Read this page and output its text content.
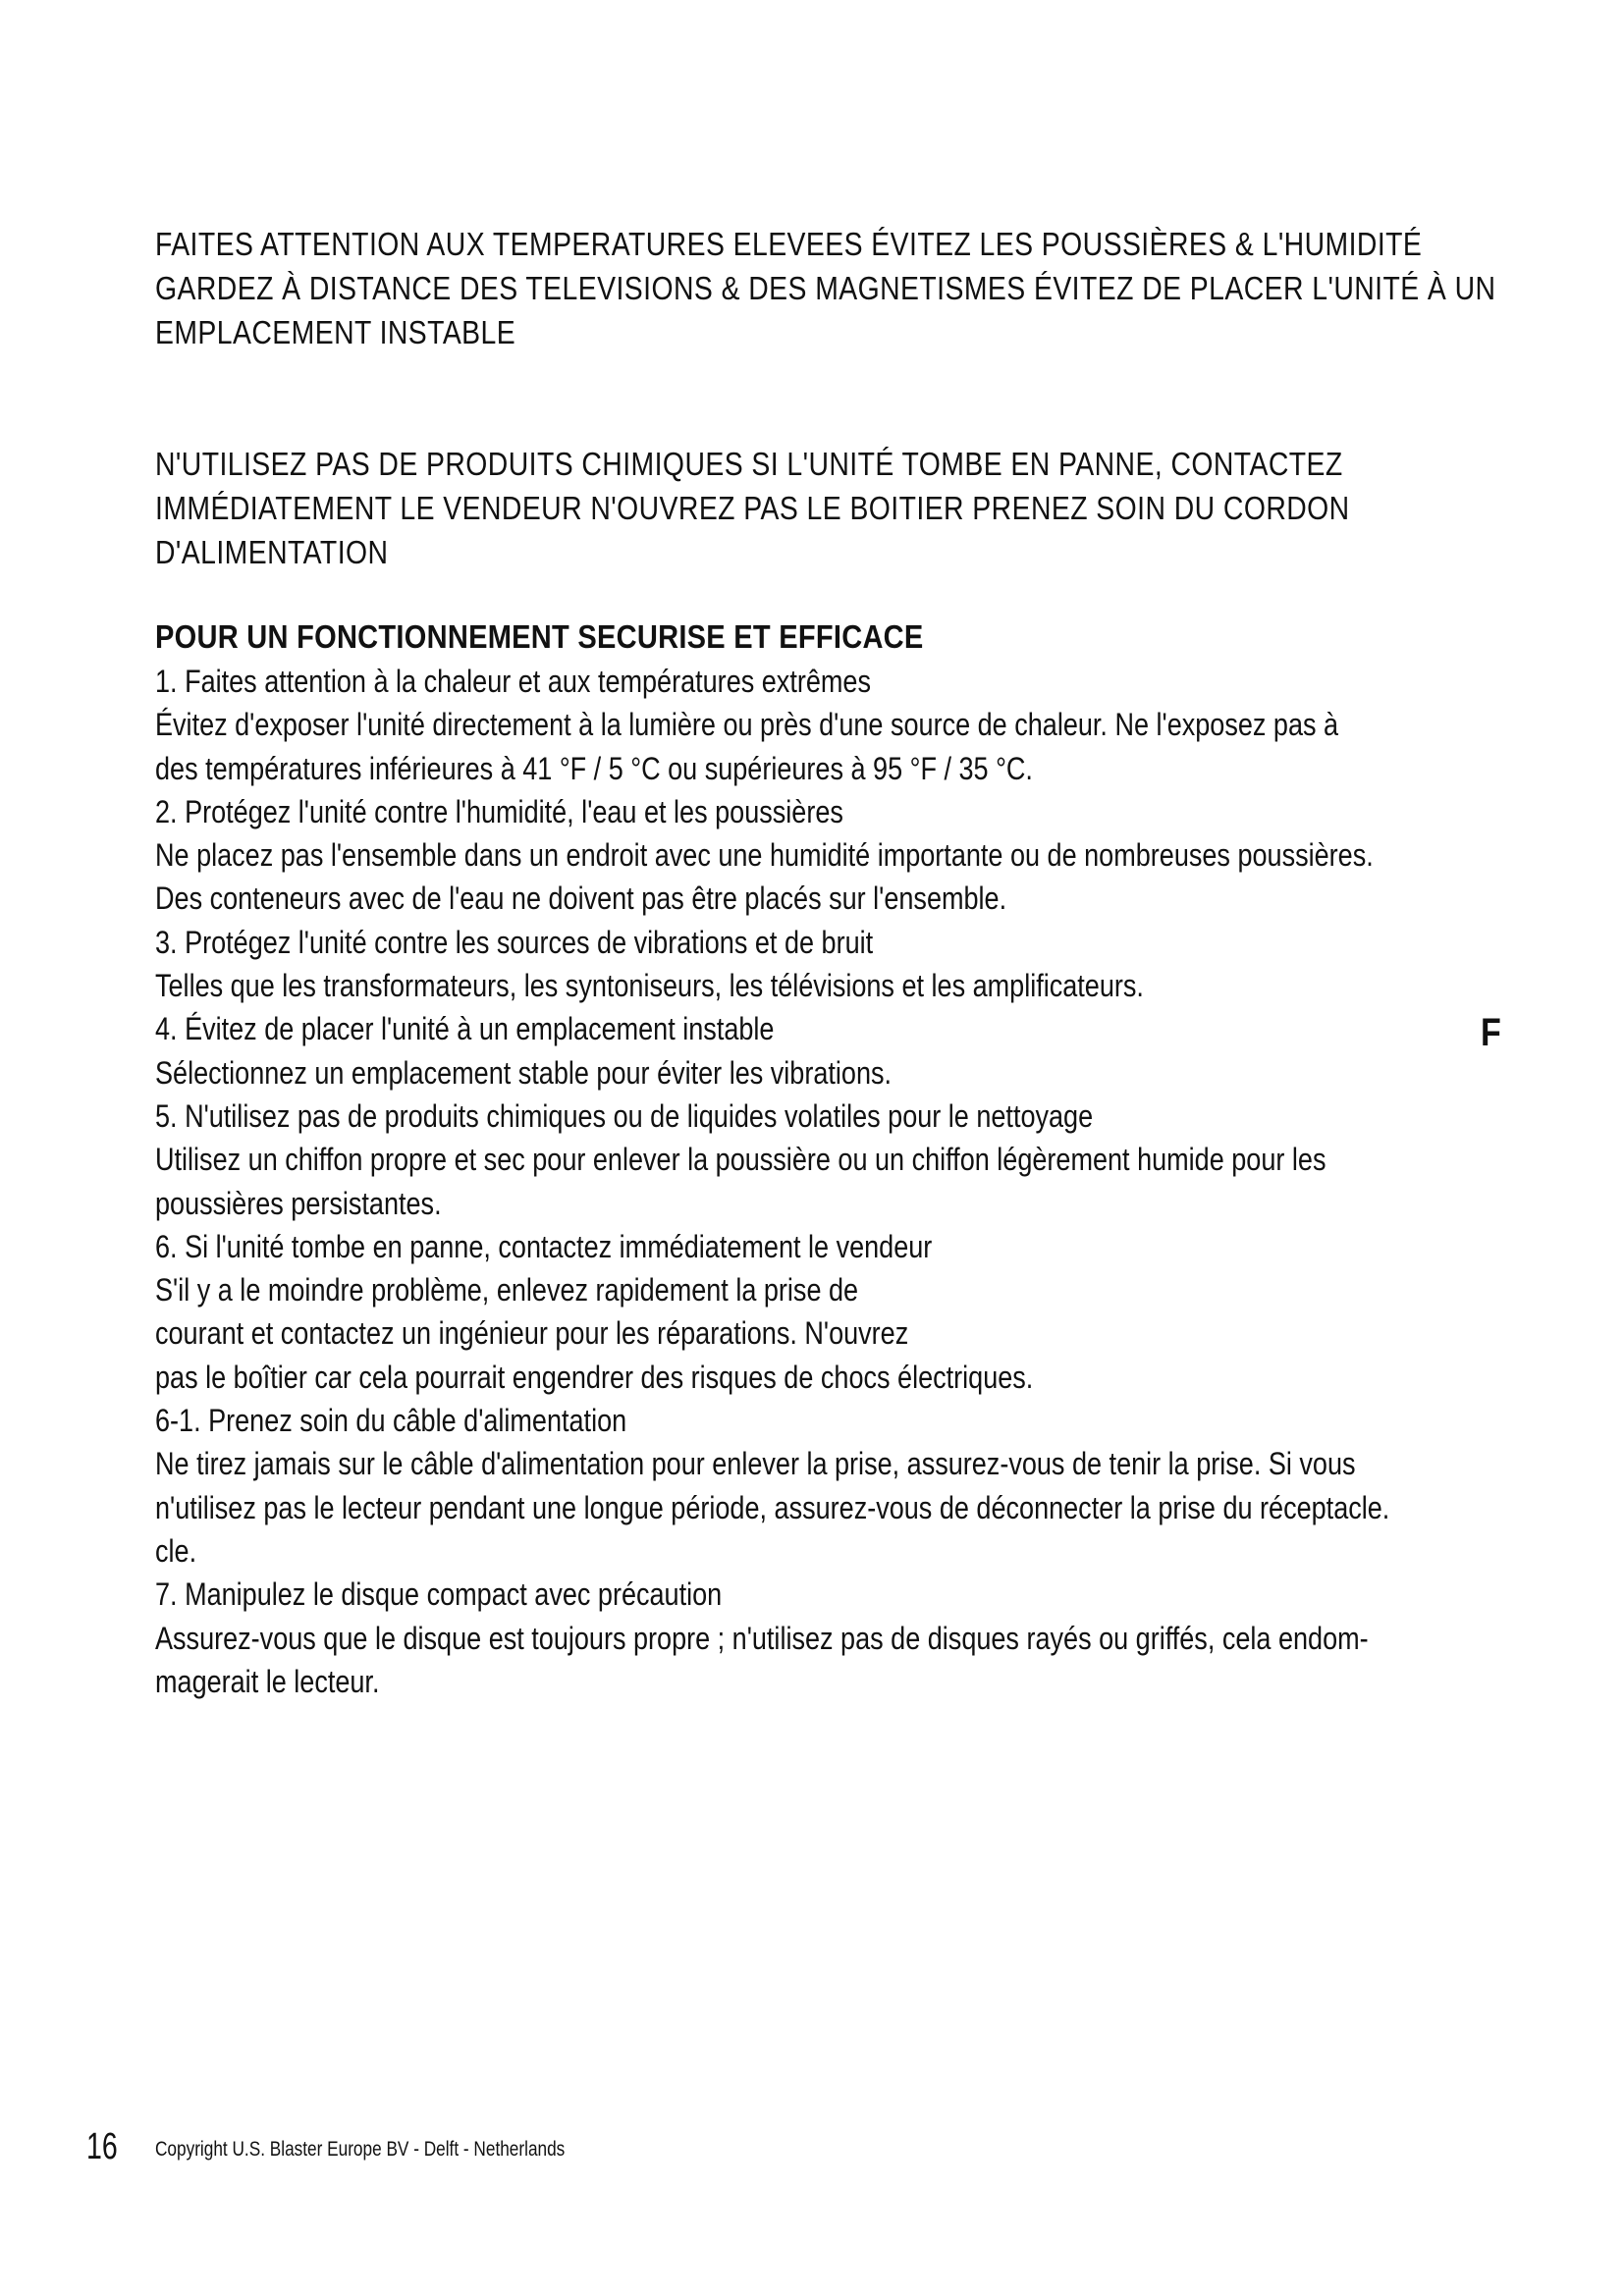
FAITES ATTENTION AUX TEMPERATURES ELEVEES ÉVITEZ LES POUSSIÈRES & L'HUMIDITÉ
GARDEZ À DISTANCE DES TELEVISIONS & DES MAGNETISMES ÉVITEZ DE PLACER L'UNITÉ À UN
EMPLACEMENT INSTABLE
N'UTILISEZ PAS DE PRODUITS CHIMIQUES SI L'UNITÉ TOMBE EN PANNE, CONTACTEZ
IMMÉDIATEMENT LE VENDEUR N'OUVREZ PAS LE BOITIER PRENEZ SOIN DU CORDON
D'ALIMENTATION
POUR UN FONCTIONNEMENT SECURISE ET EFFICACE
1. Faites attention à la chaleur et aux températures extrêmes
Évitez d'exposer l'unité directement à la lumière ou près d'une source de chaleur. Ne l'exposez pas à
des températures inférieures à 41 °F / 5 °C ou supérieures à 95 °F / 35 °C.
2. Protégez l'unité contre l'humidité, l'eau et les poussières
Ne placez pas l'ensemble dans un endroit avec une humidité importante ou de nombreuses poussières.
Des conteneurs avec de l'eau ne doivent pas être placés sur l'ensemble.
3. Protégez l'unité contre les sources de vibrations et de bruit
Telles que les transformateurs, les syntoniseurs, les télévisions et les amplificateurs.
4. Évitez de placer l'unité à un emplacement instable
Sélectionnez un emplacement stable pour éviter les vibrations.
5. N'utilisez pas de produits chimiques ou de liquides volatiles pour le nettoyage
Utilisez un chiffon propre et sec pour enlever la poussière ou un chiffon légèrement humide pour les
poussières persistantes.
6. Si l'unité tombe en panne, contactez immédiatement le vendeur
S'il y a le moindre problème, enlevez rapidement la prise de
courant et contactez un ingénieur pour les réparations. N'ouvrez
pas le boîtier car cela pourrait engendrer des risques de chocs électriques.
6-1. Prenez soin du câble d'alimentation
Ne tirez jamais sur le câble d'alimentation pour enlever la prise, assurez-vous de tenir la prise. Si vous
n'utilisez pas le lecteur pendant une longue période, assurez-vous de déconnecter la prise du réceptacle.
cle.
7. Manipulez le disque compact avec précaution
Assurez-vous que le disque est toujours propre ; n'utilisez pas de disques rayés ou griffés, cela endom-
magerait le lecteur.
F
16 Copyright U.S. Blaster Europe BV - Delft - Netherlands
